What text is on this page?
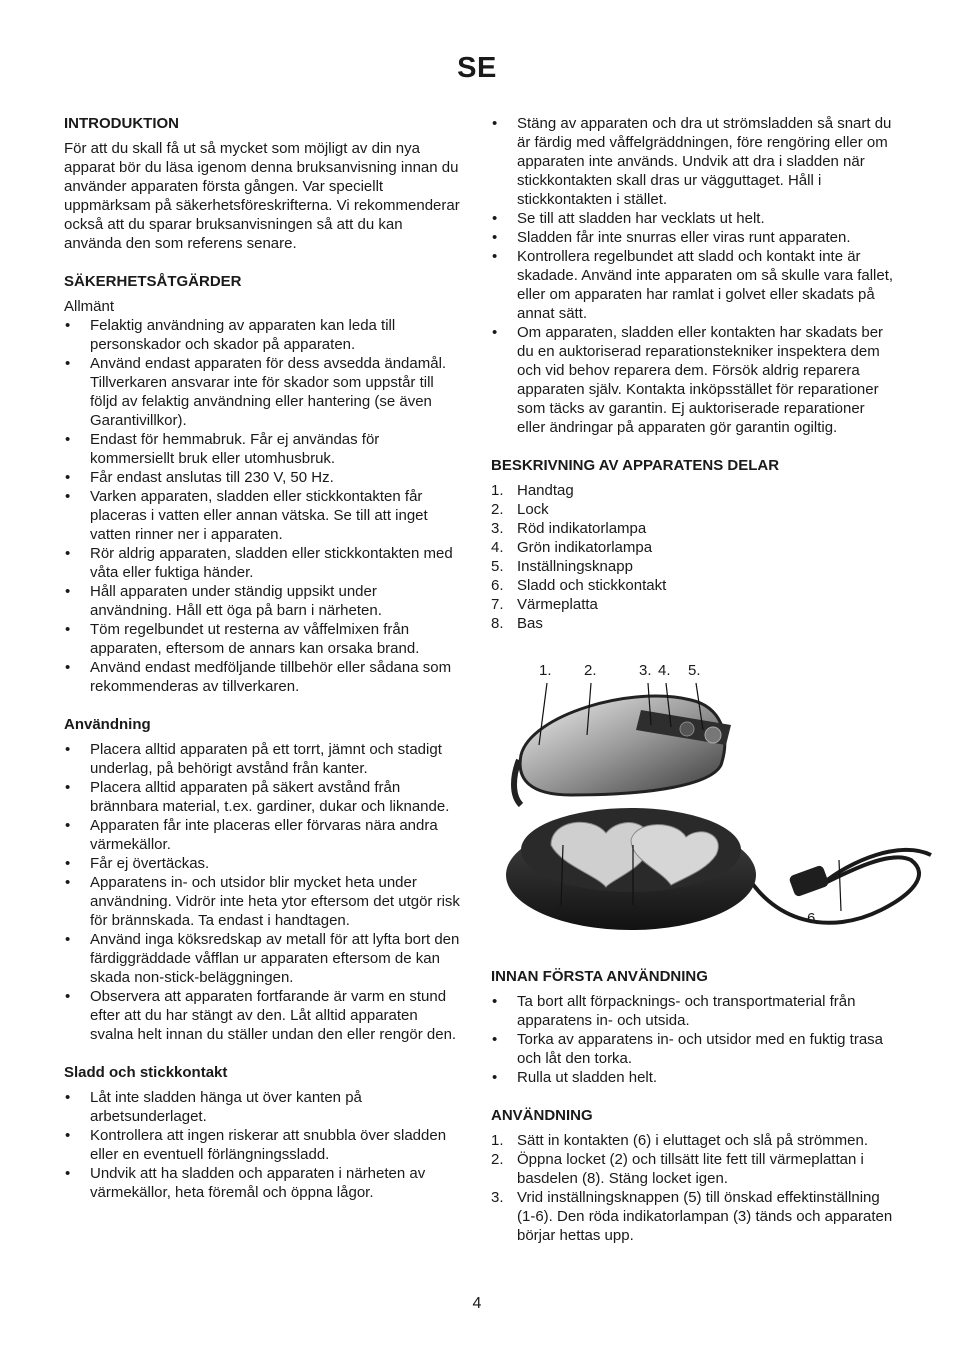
SE
INTRODUKTION

För att du skall få ut så mycket som möjligt av din nya apparat bör du läsa igenom denna bruksanvisning innan du använder apparaten första gången. Var speciellt uppmärksam på säkerhetsföreskrifterna. Vi rekommenderar också att du sparar bruksanvisningen så att du kan använda den som referens senare.

SÄKERHETSÅTGÄRDER

Allmänt

• Felaktig användning av apparaten kan leda till personskador och skador på apparaten.
• Använd endast apparaten för dess avsedda ändamål. Tillverkaren ansvarar inte för skador som uppstår till följd av felaktig användning eller hantering (se även Garantivillkor).
• Endast för hemmabruk. Får ej användas för kommersiellt bruk eller utomhusbruk.
• Får endast anslutas till 230 V, 50 Hz.
• Varken apparaten, sladden eller stickkontakten får placeras i vatten eller annan vätska. Se till att inget vatten rinner ner i apparaten.
• Rör aldrig apparaten, sladden eller stickkontakten med våta eller fuktiga händer.
• Håll apparaten under ständig uppsikt under användning. Håll ett öga på barn i närheten.
• Töm regelbundet ut resterna av våffelmixen från apparaten, eftersom de annars kan orsaka brand.
• Använd endast medföljande tillbehör eller sådana som rekommenderas av tillverkaren.
Användning
• Placera alltid apparaten på ett torrt, jämnt och stadigt underlag, på behörigt avstånd från kanter.
• Placera alltid apparaten på säkert avstånd från brännbara material, t.ex. gardiner, dukar och liknande.
• Apparaten får inte placeras eller förvaras nära andra värmekällor.
• Får ej övertäckas.
• Apparatens in- och utsidor blir mycket heta under användning. Vidrör inte heta ytor eftersom det utgör risk för brännskada. Ta endast i handtagen.
• Använd inga köksredskap av metall för att lyfta bort den färdiggräddade våfflan ur apparaten eftersom de kan skada non-stick-beläggningen.
• Observera att apparaten fortfarande är varm en stund efter att du har stängt av den. Låt alltid apparaten svalna helt innan du ställer undan den eller rengör den.
Sladd och stickkontakt
• Låt inte sladden hänga ut över kanten på arbetsunderlaget.
• Kontrollera att ingen riskerar att snubbla över sladden eller en eventuell förlängningssladd.
• Undvik att ha sladden och apparaten i närheten av värmekällor, heta föremål och öppna lågor.
• Stäng av apparaten och dra ut strömsladden så snart du är färdig med våffelgräddningen, före rengöring eller om apparaten inte används. Undvik att dra i sladden när stickkontakten skall dras ur vägguttaget. Håll i stickkontakten i stället.
• Se till att sladden har vecklats ut helt.
• Sladden får inte snurras eller viras runt apparaten.
• Kontrollera regelbundet att sladd och kontakt inte är skadade. Använd inte apparaten om så skulle vara fallet, eller om apparaten har ramlat i golvet eller skadats på annat sätt.
• Om apparaten, sladden eller kontakten har skadats ber du en auktoriserad reparationstekniker inspektera dem och vid behov reparera dem. Försök aldrig reparera apparaten själv. Kontakta inköpsstället för reparationer som täcks av garantin. Ej auktoriserade reparationer eller ändringar på apparaten gör garantin ogiltig.
BESKRIVNING AV APPARATENS DELAR
1. Handtag
2. Lock
3. Röd indikatorlampa
4. Grön indikatorlampa
5. Inställningsknapp
6. Sladd och stickkontakt
7. Värmeplatta
8. Bas
1. 2.	3. 4. 5.
6.
7.
8.
INNAN FÖRSTA ANVÄNDNING
• Ta bort allt förpacknings- och transportmaterial från apparatens in- och utsida.
• Torka av apparatens in- och utsidor med en fuktig trasa och låt den torka.
• Rulla ut sladden helt.
ANVÄNDNING
1. Sätt in kontakten (6) i eluttaget och slå på strömmen.
2. Öppna locket (2) och tillsätt lite fett till värmeplattan i basdelen (8). Stäng locket igen.
3. Vrid inställningsknappen (5) till önskad effektinställning (1-6). Den röda indikatorlampan (3) tänds och apparaten börjar hettas upp.
4
